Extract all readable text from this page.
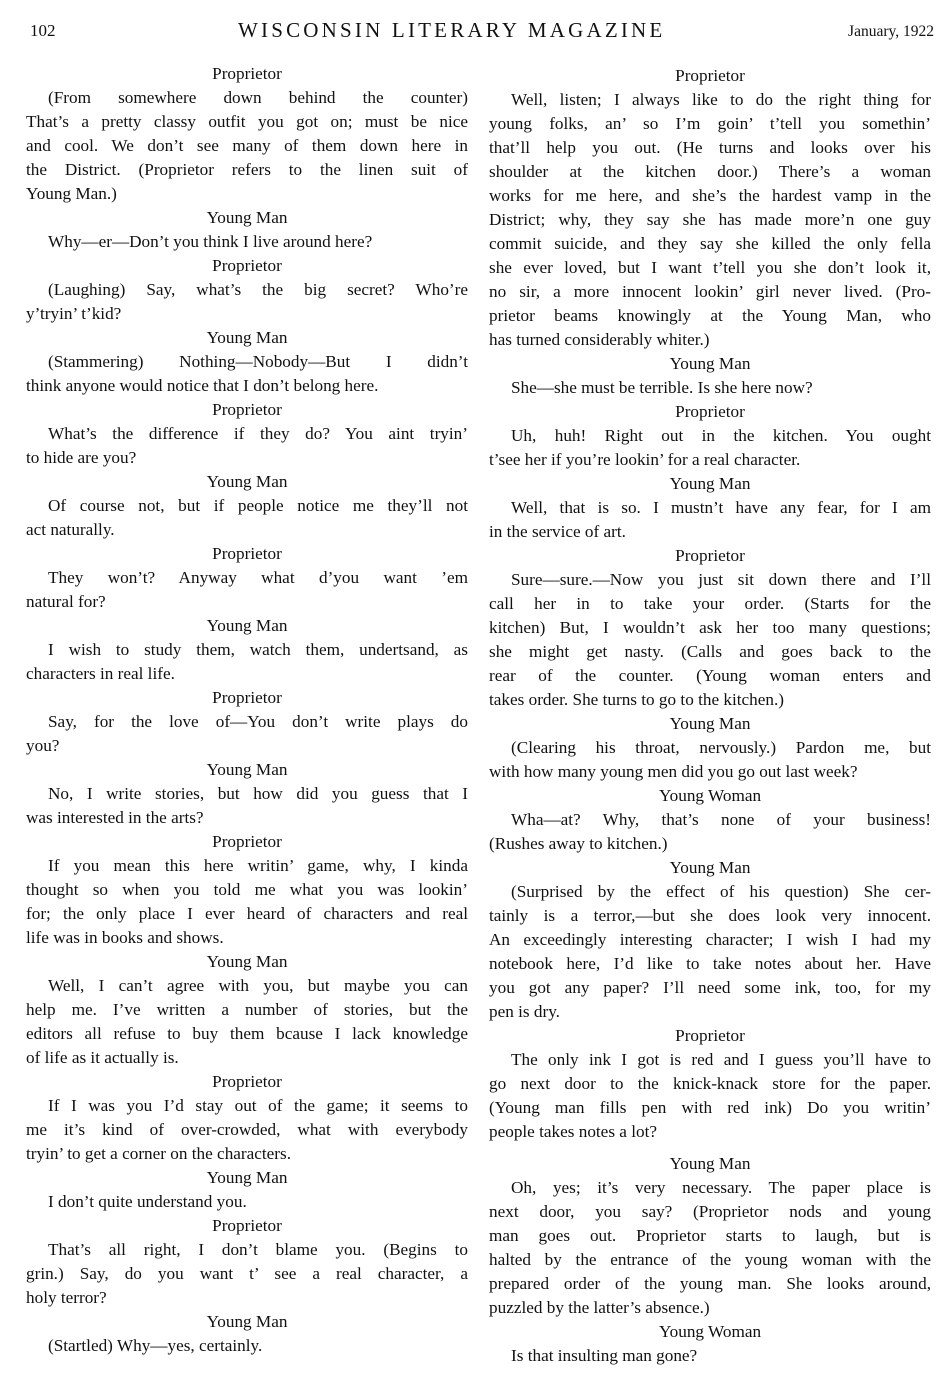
102	WISCONSIN LITERARY MAGAZINE	January, 1922

Proprietor

(From somewhere down behind the counter)

That’s a pretty classy outfit you got on; must be nice

and cool. We don’t see many of them down here in

the District. (Proprietor refers to the linen suit of

Young Man.)

Young Man

Why—er—Don’t you think I live around here?

Proprietor

(Laughing) Say, what’s the big secret? Who’re

y’tryin’ t’kid?

Young Man

(Stammering) Nothing—Nobody—But I didn’t

think anyone would notice that I don’t belong here.

Proprietor

What’s the difference if they do? You aint tryin’

to hide are you?

Young Man

Of course not, but if people notice me they’ll not

act naturally.

Proprietor

They won’t? Anyway what d’you want ’em

natural for?

Young Man

I wish to study them, watch them, undertsand, as

characters in real life.

Proprietor

Say, for the love of—You don’t write plays do

you?

Young Man

No, I write stories, but how did you guess that I

was interested in the arts?

Proprietor

If you mean this here writin’ game, why, I kinda

thought so when you told me what you was lookin’

for; the only place I ever heard of characters and real

life was in books and shows.

Young Man

Well, I can’t agree with you, but maybe you can

help me. I’ve written a number of stories, but the

editors all refuse to buy them bcause I lack knowledge

of life as it actually is.

Proprietor

If I was you I’d stay out of the game; it seems to

me it’s kind of over-crowded, what with everybody

tryin’ to get a corner on the characters.

Young Man

I don’t quite understand you.

Proprietor

That’s all right, I don’t blame you. (Begins to

grin.) Say, do you want t’ see a real character, a

holy terror?

Young Man

(Startled) Why—yes, certainly.

Proprietor

Well, listen; I always like to do the right thing for

young folks, an’ so I’m goin’ t’tell you somethin’

that’ll help you out. (He turns and looks over his

shoulder at the kitchen door.) There’s a woman

works for me here, and she’s the hardest vamp in the

District; why, they say she has made more’n one guy

commit suicide, and they say she killed the only fella

she ever loved, but I want t’tell you she don’t look it,

no sir, a more innocent lookin’ girl never lived. (Pro-

prietor beams knowingly at the Young Man, who

has turned considerably whiter.)

Young Man

She—she must be terrible. Is she here now?

Proprietor

Uh, huh! Right out in the kitchen. You ought

t’see her if you’re lookin’ for a real character.

Young Man

Well, that is so. I mustn’t have any fear, for I am

in the service of art.

Proprietor

Sure—sure.—Now you just sit down there and I’ll

call her in to take your order. (Starts for the

kitchen) But, I wouldn’t ask her too many questions;

she might get nasty. (Calls and goes back to the

rear of the counter. (Young woman enters and

takes order. She turns to go to the kitchen.)

Young Man

(Clearing his throat, nervously.) Pardon me, but

with how many young men did you go out last week?

Young Woman

Wha—at? Why, that’s none of your business!

(Rushes away to kitchen.)

Young Man

(Surprised by the effect of his question) She cer-

tainly is a terror,—but she does look very innocent.

An exceedingly interesting character; I wish I had my

notebook here, I’d like to take notes about her. Have

you got any paper? I’ll need some ink, too, for my

pen is dry.

Proprietor

The only ink I got is red and I guess you’ll have to

go next door to the knick-knack store for the paper.

(Young man fills pen with red ink) Do you writin’

people takes notes a lot?

Young Man

Oh, yes; it’s very necessary. The paper place is

next door, you say? (Proprietor nods and young

man goes out. Proprietor starts to laugh, but is

halted by the entrance of the young woman with the

prepared order of the young man. She looks around,

puzzled by the latter’s absence.)

Young Woman

Is that insulting man gone?
